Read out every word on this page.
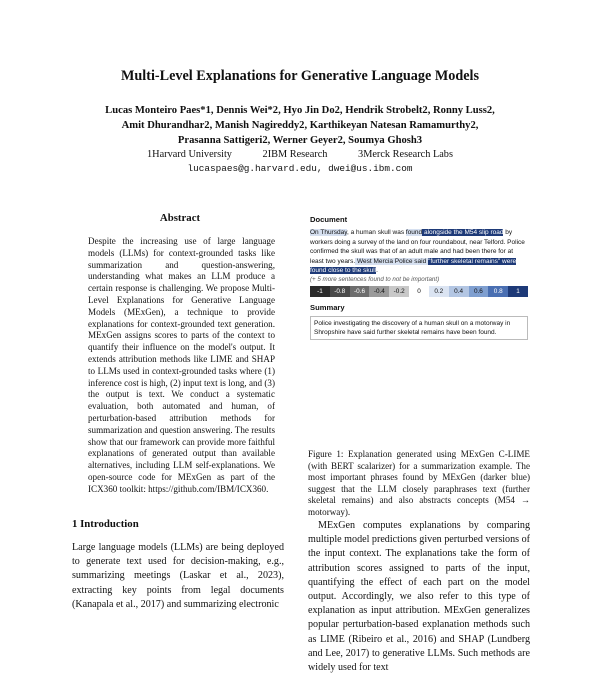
Multi-Level Explanations for Generative Language Models
Lucas Monteiro Paes*1, Dennis Wei*2, Hyo Jin Do2, Hendrik Strobelt2, Ronny Luss2,
Amit Dhurandhar2, Manish Nagireddy2, Karthikeyan Natesan Ramamurthy2,
Prasanna Sattigeri2, Werner Geyer2, Soumya Ghosh3
1Harvard University	2IBM Research	3Merck Research Labs
lucaspaes@g.harvard.edu, dwei@us.ibm.com
Abstract
Despite the increasing use of large language models (LLMs) for context-grounded tasks like summarization and question-answering, understanding what makes an LLM produce a certain response is challenging. We propose Multi-Level Explanations for Generative Language Models (MExGen), a technique to provide explanations for context-grounded text generation. MExGen assigns scores to parts of the context to quantify their influence on the model's output. It extends attribution methods like LIME and SHAP to LLMs used in context-grounded tasks where (1) inference cost is high, (2) input text is long, and (3) the output is text. We conduct a systematic evaluation, both automated and human, of perturbation-based attribution methods for summarization and question answering. The results show that our framework can provide more faithful explanations of generated output than available alternatives, including LLM self-explanations. We open-source code for MExGen as part of the ICX360 toolkit: https://github.com/IBM/ICX360.
1 Introduction
Large language models (LLMs) are being deployed to generate text used for decision-making, e.g., summarizing meetings (Laskar et al., 2023), extracting key points from legal documents (Kanapala et al., 2017) and summarizing electronic
Document
On Thursday, a human skull was found alongside the M54 slip road by workers doing a survey of the land on four roundabout, near Telford. Police confirmed the skull was that of an adult male and had been there for at least two years. West Mercia Police said "further skeletal remains" were found close to the skull.
(+ 5 more sentences found to not be important)
-1	-0.8	-0.6	-0.4	-0.2	0	0.2	0.4	0.6	0.8	1
Summary
Police investigating the discovery of a human skull on a motorway in Shropshire have said further skeletal remains have been found.
Figure 1: Explanation generated using MExGen C-LIME (with BERT scalarizer) for a summarization example. The most important phrases found by MExGen (darker blue) suggest that the LLM closely paraphrases text (further skeletal remains) and also abstracts concepts (M54 → motorway).
MExGen computes explanations by comparing multiple model predictions given perturbed versions of the input context. The explanations take the form of attribution scores assigned to parts of the input, quantifying the effect of each part on the model output. Accordingly, we also refer to this type of explanation as input attribution. MExGen generalizes popular perturbation-based explanation methods such as LIME (Ribeiro et al., 2016) and SHAP (Lundberg and Lee, 2017) to generative LLMs. Such methods are widely used for text
